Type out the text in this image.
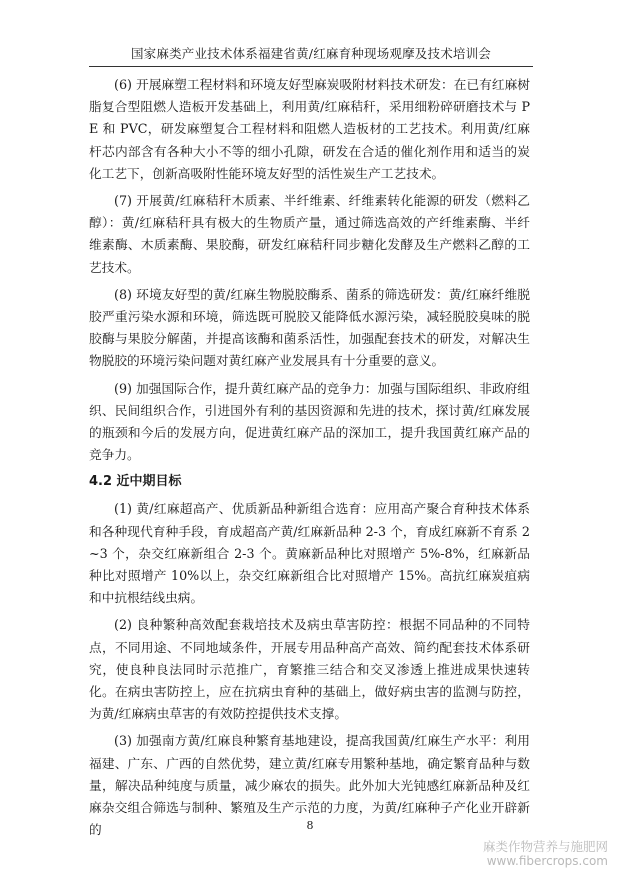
国家麻类产业技术体系福建省黄/红麻育种现场观摩及技术培训会

(6) 开展麻塑工程材料和环境友好型麻炭吸附材料技术研发：在已有红麻树脂复合型阻燃人造板开发基础上，利用黄/红麻秸秆，采用细粉碎研磨技术与 PE 和 PVC，研发麻塑复合工程材料和阻燃人造板材的工艺技术。利用黄/红麻杆芯内部含有各种大小不等的细小孔隙，研发在合适的催化剂作用和适当的炭化工艺下，创新高吸附性能环境友好型的活性炭生产工艺技术。

(7) 开展黄/红麻秸秆木质素、半纤维素、纤维素转化能源的研发（燃料乙醇）：黄/红麻秸秆具有极大的生物质产量，通过筛选高效的产纤维素酶、半纤维素酶、木质素酶、果胶酶，研发红麻秸秆同步糖化发酵及生产燃料乙醇的工艺技术。

(8) 环境友好型的黄/红麻生物脱胶酶系、菌系的筛选研发：黄/红麻纤维脱胶严重污染水源和环境，筛选既可脱胶又能降低水源污染，减轻脱胶臭味的脱胶酶与果胶分解菌，并提高该酶和菌系活性，加强配套技术的研发，对解决生物脱胶的环境污染问题对黄红麻产业发展具有十分重要的意义。

(9) 加强国际合作，提升黄红麻产品的竞争力：加强与国际组织、非政府组织、民间组织合作，引进国外有利的基因资源和先进的技术，探讨黄/红麻发展的瓶颈和今后的发展方向，促进黄红麻产品的深加工，提升我国黄红麻产品的竞争力。

4.2 近中期目标

(1) 黄/红麻超高产、优质新品种新组合选育：应用高产聚合育种技术体系和各种现代育种手段，育成超高产黄/红麻新品种 2-3 个，育成红麻新不育系 2~3 个，杂交红麻新组合 2-3 个。黄麻新品种比对照增产 5%-8%，红麻新品种比对照增产 10%以上，杂交红麻新组合比对照增产 15%。高抗红麻炭疽病和中抗根结线虫病。

(2) 良种繁种高效配套栽培技术及病虫草害防控：根据不同品种的不同特点，不同用途、不同地域条件，开展专用品种高产高效、简约配套技术体系研究，使良种良法同时示范推广，育繁推三结合和交叉渗透上推进成果快速转化。在病虫害防控上，应在抗病虫育种的基础上，做好病虫害的监测与防控，为黄/红麻病虫草害的有效防控提供技术支撑。

(3) 加强南方黄/红麻良种繁育基地建设，提高我国黄/红麻生产水平：利用福建、广东、广西的自然优势，建立黄/红麻专用繁种基地，确定繁育品种与数量，解决品种纯度与质量，减少麻农的损失。此外加大光钝感红麻新品种及红麻杂交组合筛选与制种、繁殖及生产示范的力度，为黄/红麻种子产化业开辟新的	8
麻类作物营养与施肥网
www.fibercrops.com
